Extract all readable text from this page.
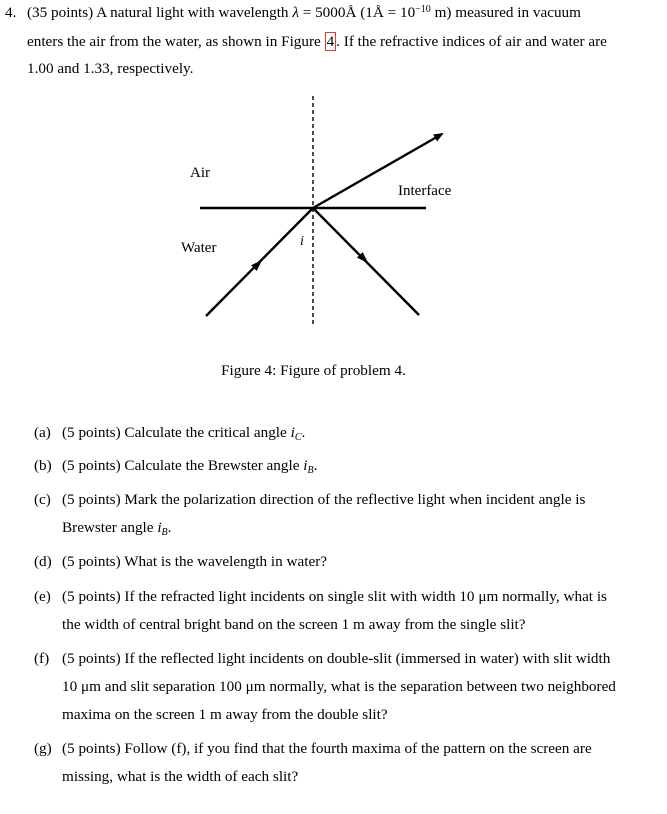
4. (35 points) A natural light with wavelength λ = 5000Å (1Å = $10^{-10}$ m) measured in vacuum
enters the air from the water, as shown in Figure 4 . If the refractive indices of air and water are
1.00 and 1.33, respectively.
Air
Water
Interface
i
Figure 4: Figure of problem 4.
(a) (5 points) Calculate the critical angle $i_C$.
(b) (5 points) Calculate the Brewster angle $i_B$.
(c) (5 points) Mark the polarization direction of the reflective light when incident angle is
Brewster angle $i_B$.
(d) (5 points) What is the wavelength in water?
(e) (5 points) If the refracted light incidents on single slit with width 10 μm normally, what is
the width of central bright band on the screen 1 m away from the single slit?
(f) (5 points) If the reflected light incidents on double-slit (immersed in water) with slit width
10 μm and slit separation 100 μm normally, what is the separation between two neighbored
maxima on the screen 1 m away from the double slit?
(g) (5 points) Follow (f), if you find that the fourth maxima of the pattern on the screen are
missing, what is the width of each slit?
